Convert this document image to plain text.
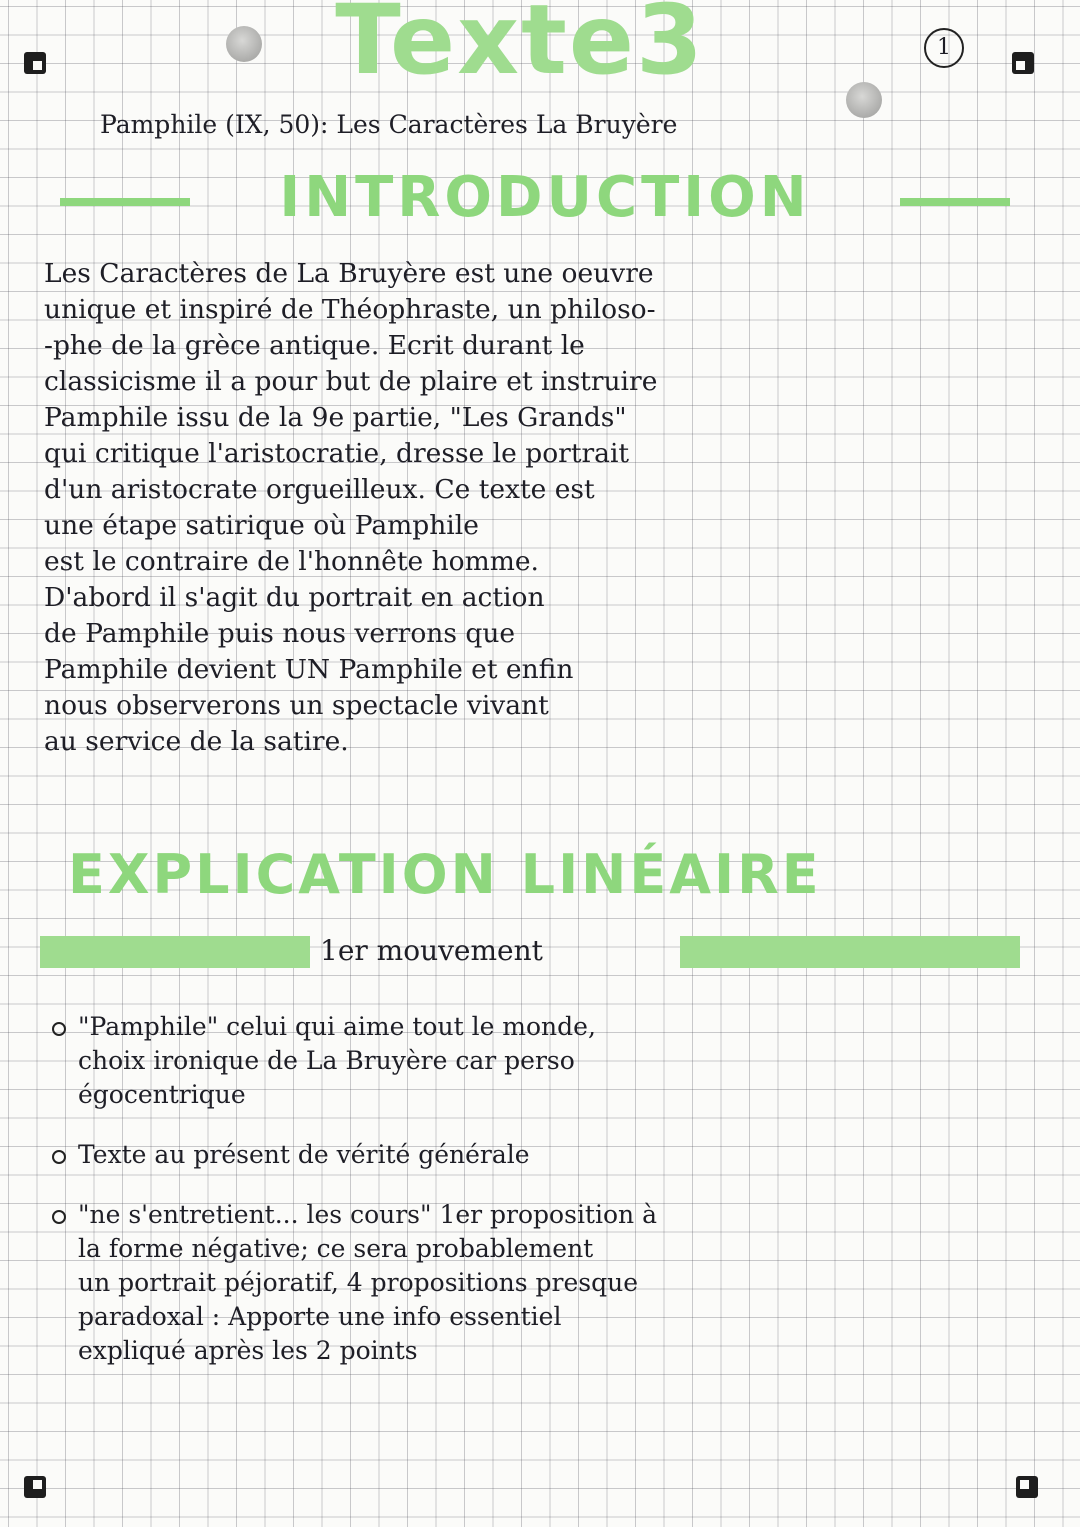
Texte3	1
Pamphile (IX, 50): Les Caractères La Bruyère
INTRODUCTION
Les Caractères de La Bruyère est une oeuvre
unique et inspiré de Théophraste, un philoso-
-phe de la grèce antique. Ecrit durant le
classicisme il a pour but de plaire et instruire
Pamphile issu de la 9e partie, "Les Grands"
qui critique l'aristocratie, dresse le portrait
d'un aristocrate orgueilleux. Ce texte est
une étape satirique où Pamphile
est le contraire de l'honnête homme.
D'abord il s'agit du portrait en action
de Pamphile puis nous verrons que
Pamphile devient UN Pamphile et enfin
nous observerons un spectacle vivant
au service de la satire.
EXPLICATION LINÉAIRE
1er mouvement
"Pamphile" celui qui aime tout le monde,
choix ironique de La Bruyère car perso
égocentrique
Texte au présent de vérité générale
"ne s'entretient... les cours" 1er proposition à
la forme négative; ce sera probablement
un portrait péjoratif, 4 propositions presque
paradoxal : Apporte une info essentiel
expliqué après les 2 points
